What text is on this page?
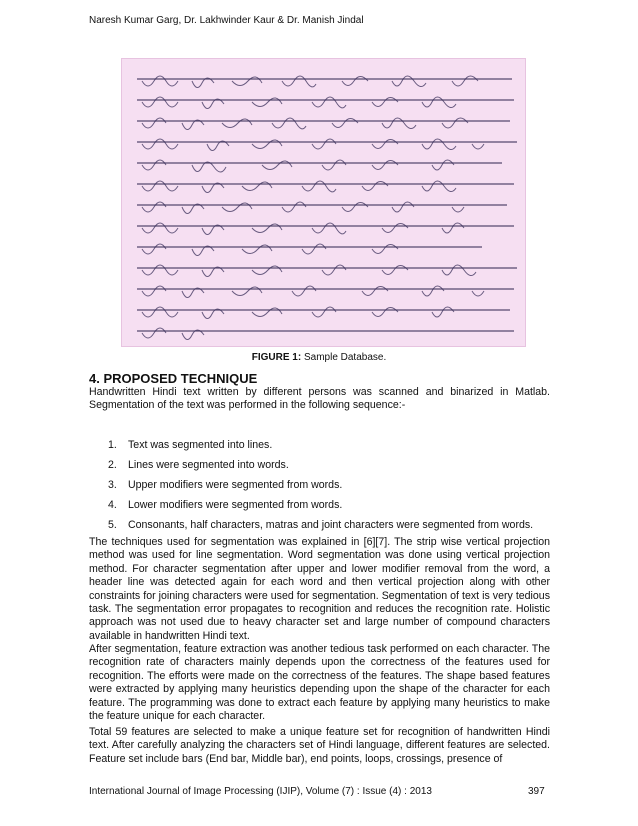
Naresh Kumar Garg, Dr. Lakhwinder Kaur & Dr. Manish Jindal
FIGURE 1: Sample Database.
4. PROPOSED TECHNIQUE
Handwritten Hindi text written by different persons was scanned and binarized in Matlab. Segmentation of the text was performed in the following sequence:-
1. Text was segmented into lines.
2. Lines were segmented into words.
3. Upper modifiers were segmented from words.
4. Lower modifiers were segmented from words.
5. Consonants, half characters, matras and joint characters were segmented from words.
The techniques used for segmentation was explained in [6][7]. The strip wise vertical projection method was used for line segmentation. Word segmentation was done using vertical projection method. For character segmentation after upper and lower modifier removal from the word, a header line was detected again for each word and then vertical projection along with other constraints for joining characters were used for segmentation. Segmentation of text is very tedious task. The segmentation error propagates to recognition and reduces the recognition rate. Holistic approach was not used due to heavy character set and large number of compound characters available in handwritten Hindi text.
After segmentation, feature extraction was another tedious task performed on each character. The recognition rate of characters mainly depends upon the correctness of the features used for recognition. The efforts were made on the correctness of the features. The shape based features were extracted by applying many heuristics depending upon the shape of the character for each feature. The programming was done to extract each feature by applying many heuristics to make the feature unique for each character.
Total 59 features are selected to make a unique feature set for recognition of handwritten Hindi text. After carefully analyzing the characters set of Hindi language, different features are selected. Feature set include bars (End bar, Middle bar), end points, loops, crossings, presence of
International Journal of Image Processing (IJIP), Volume (7) : Issue (4) : 2013	397
